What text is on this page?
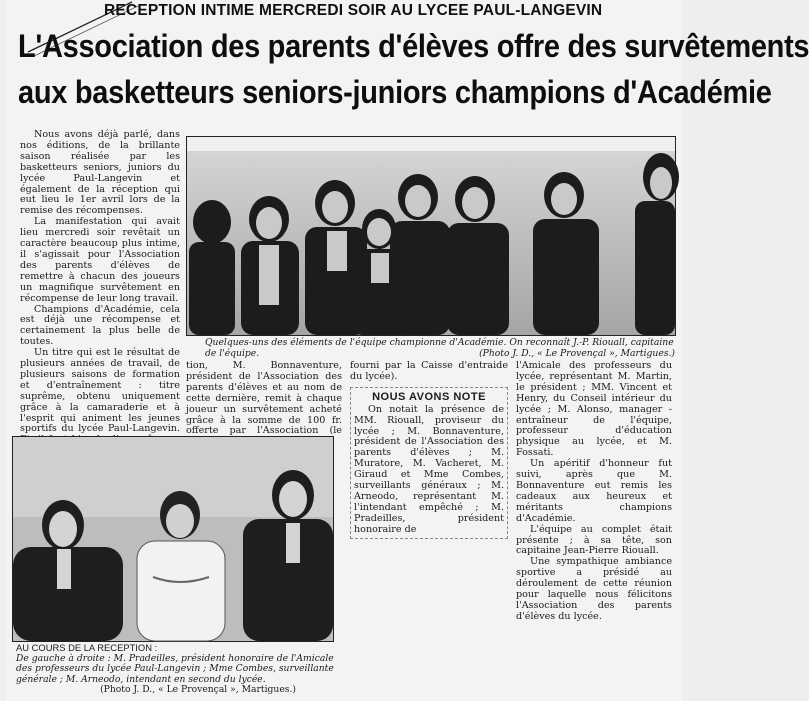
RECEPTION INTIME MERCREDI SOIR AU LYCEE PAUL-LANGEVIN
L'Association des parents d'élèves offre des survêtements
aux basketteurs seniors-juniors champions d'Académie

Nous avons déjà parlé, dans nos éditions, de la brillante saison réalisée par les basketteurs seniors, juniors du lycée Paul-Langevin et également de la réception qui eut lieu le 1er avril lors de la remise des récompenses.

La manifestation qui avait lieu mercredi soir revêtait un caractère beaucoup plus intime, il s'agissait pour l'Association des parents d'élèves de remettre à chacun des joueurs un magnifique survêtement en récompense de leur long travail.

Champions d'Académie, cela est déjà une récompense et certainement la plus belle de toutes.

Un titre qui est le résultat de plusieurs années de travail, de plusieurs saisons de formation et d'entraînement : titre suprême, obtenu uniquement grâce à la camaraderie et à l'esprit qui animent les jeunes sportifs du lycée Paul-Langevin.

Quelques-uns des éléments de l'équipe championne d'Académie. On reconnaît J.-P. Riouall, capitaine de l'équipe.	(Photo J. D., « Le Provençal », Martigues.)

tion, M. Bonnaventure, président de l'Association des parents d'élèves et au nom de cette dernière, remit à chaque joueur un survêtement acheté grâce à la somme de 100 fr. offerte par l'Association (le

fourni par la Caisse d'entraide du lycée).

NOUS AVONS NOTE

On notait la présence de MM. Riouall, proviseur du lycée ; M. Bonnaventure, président de l'Association des parents d'élèves ; M. Muratore, M. Vacheret, M. Giraud et Mme Combes, surveillants généraux ; M. Arneodo, représentant M. l'intendant empêché ; M. Pradeilles, président honoraire de

l'Amicale des professeurs du lycée, représentant M. Martin, le président ; MM. Vincent et Henry, du Conseil intérieur du lycée ; M. Alonso, manager - entraîneur de l'équipe, professeur d'éducation physique au lycée, et M. Fossati.

Un apéritif d'honneur fut suivi, après que M. Bonnaventure eut remis les cadeaux aux heureux et méritants champions d'Académie.

L'équipe au complet était présente ; à sa tête, son capitaine Jean-Pierre Riouall.

Une sympathique ambiance sportive a présidé au déroulement de cette réunion pour laquelle nous félicitons l'Association des parents d'élèves du lycée.

AU COURS DE LA RECEPTION :
De gauche à droite : M. Pradeilles, président honoraire de l'Amicale des professeurs du lycée Paul-Langevin ; Mme Combes, surveillante générale ; M. Arneodo, intendant en second du lycée.
(Photo J. D., « Le Provençal », Martigues.)
